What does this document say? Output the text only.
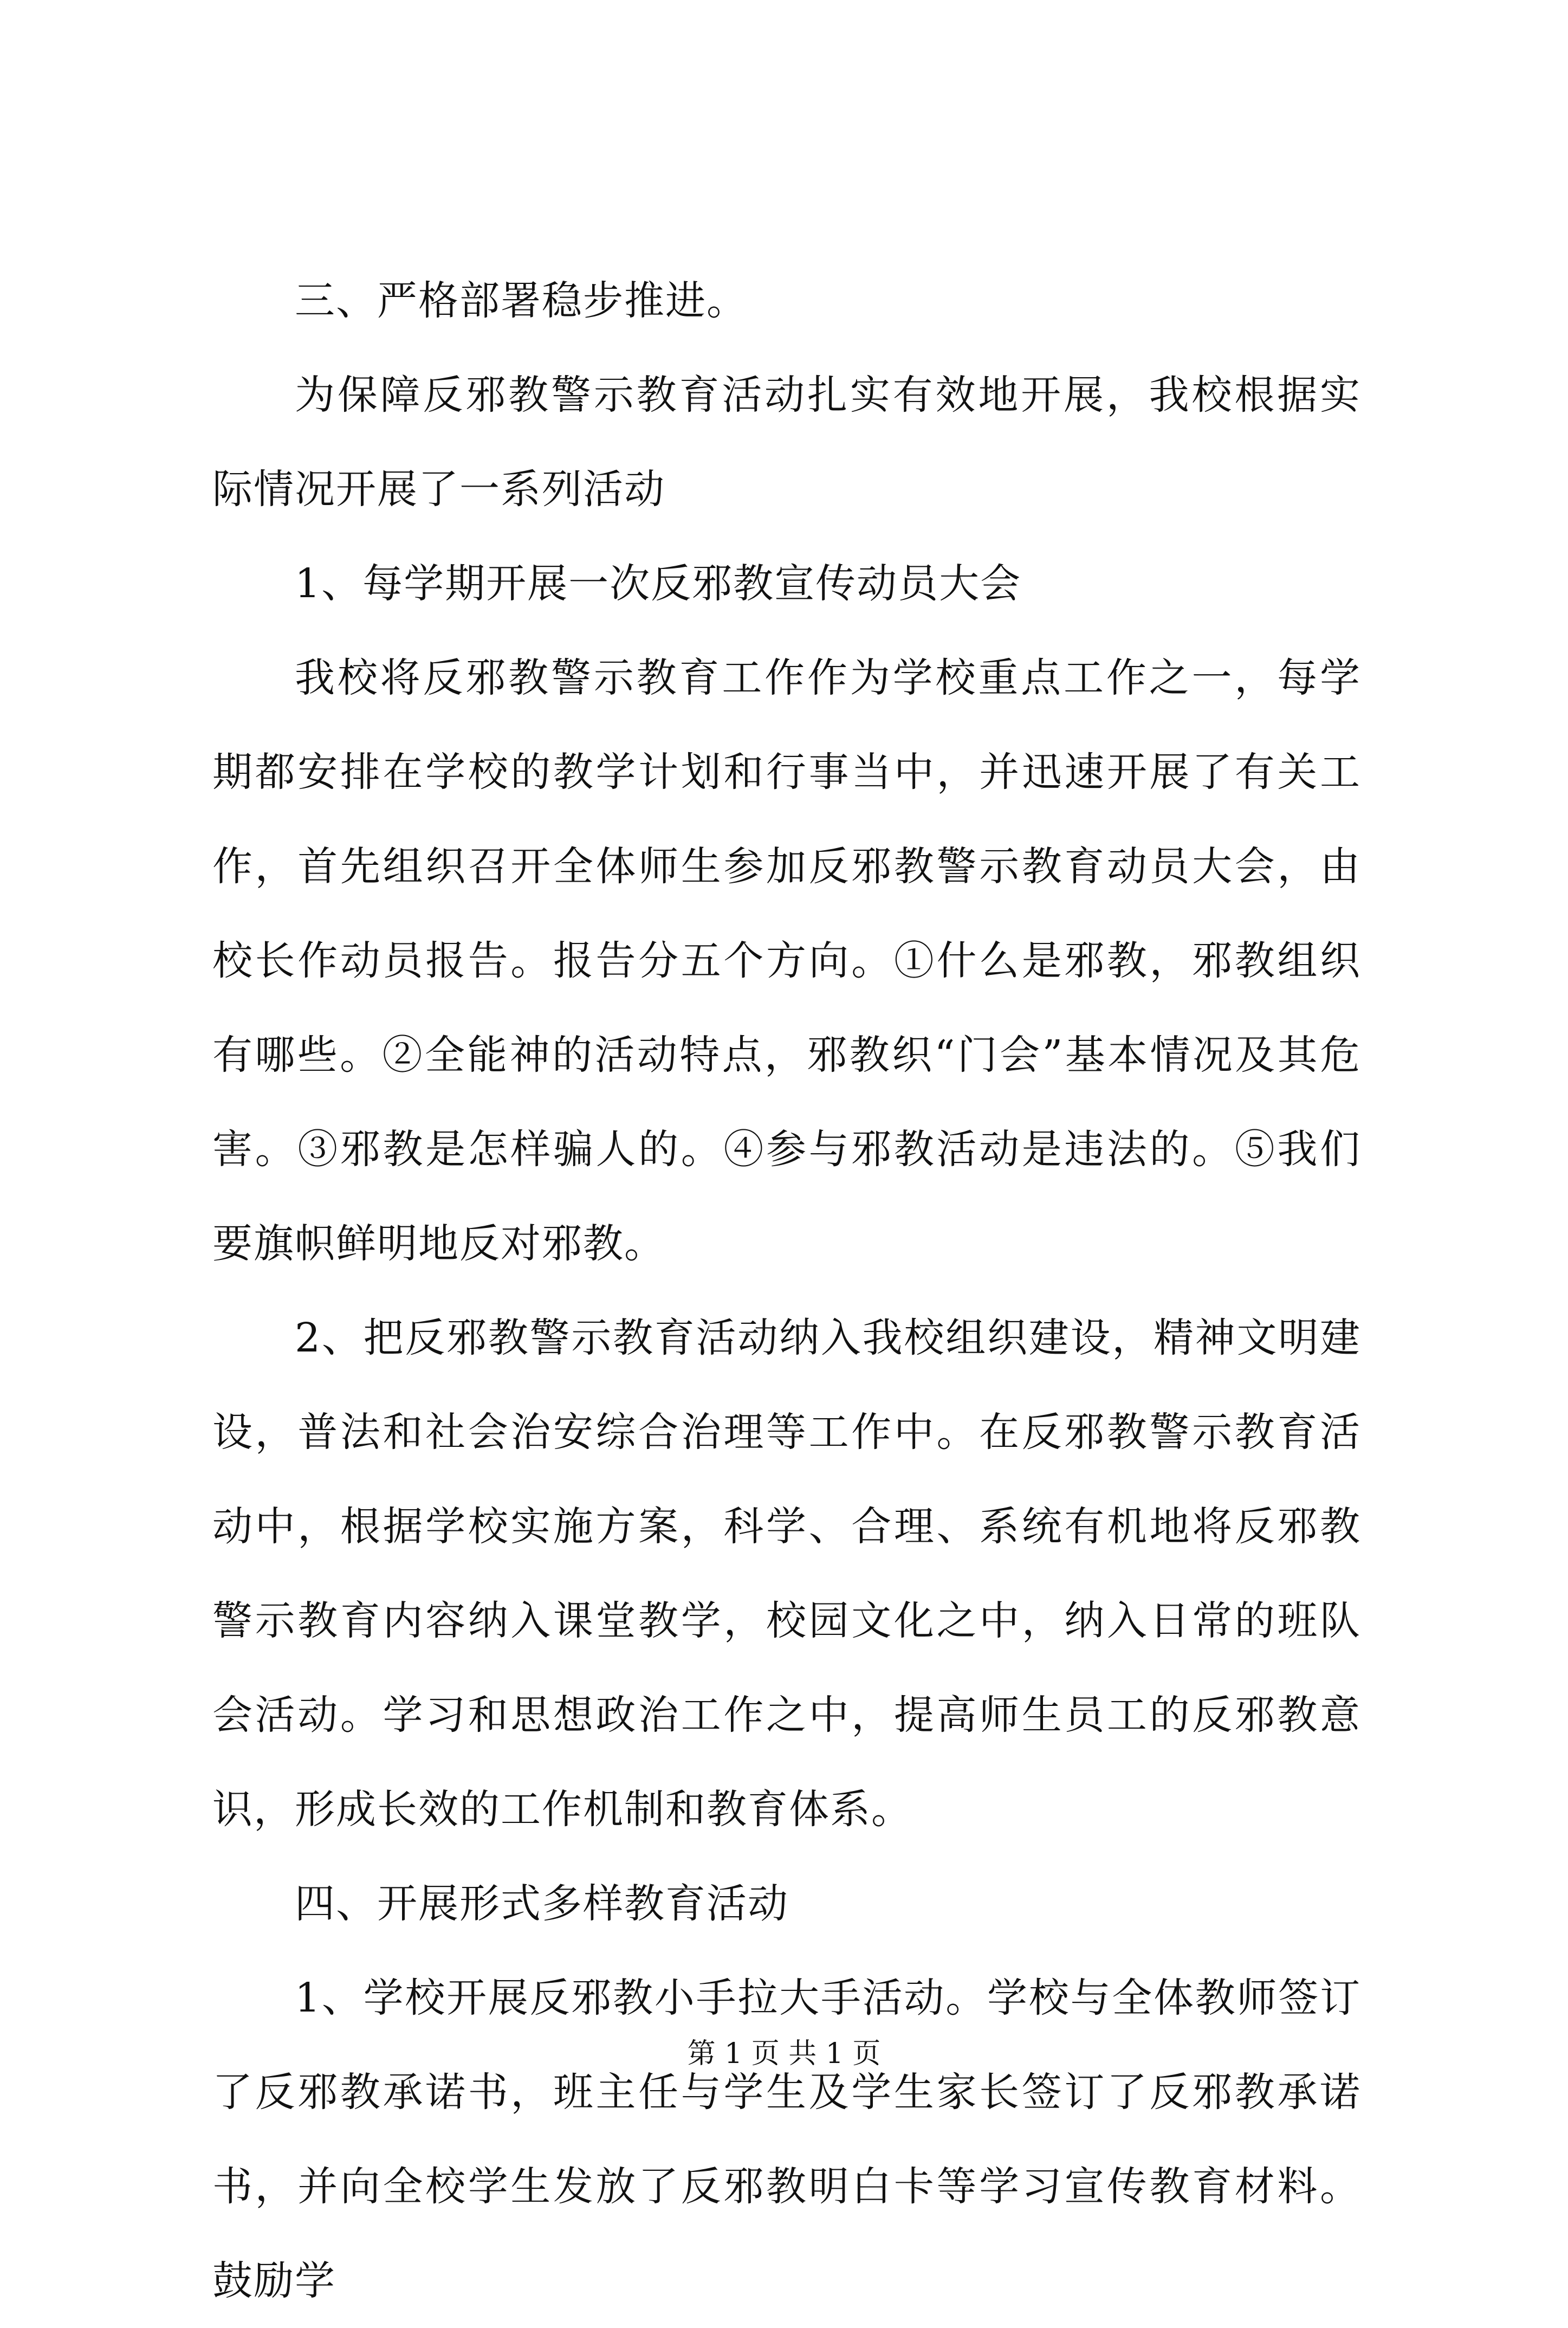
三、严格部署稳步推进。

为保障反邪教警示教育活动扎实有效地开展，我校根据实际情况开展了一系列活动

1、每学期开展一次反邪教宣传动员大会

我校将反邪教警示教育工作作为学校重点工作之一，每学期都安排在学校的教学计划和行事当中，并迅速开展了有关工作，首先组织召开全体师生参加反邪教警示教育动员大会，由校长作动员报告。报告分五个方向。①什么是邪教，邪教组织有哪些。②全能神的活动特点，邪教织“门会”基本情况及其危害。③邪教是怎样骗人的。④参与邪教活动是违法的。⑤我们要旗帜鲜明地反对邪教。

2、把反邪教警示教育活动纳入我校组织建设，精神文明建设，普法和社会治安综合治理等工作中。在反邪教警示教育活动中，根据学校实施方案，科学、合理、系统有机地将反邪教警示教育内容纳入课堂教学，校园文化之中，纳入日常的班队会活动。学习和思想政治工作之中，提高师生员工的反邪教意识，形成长效的工作机制和教育体系。

四、开展形式多样教育活动

1、学校开展反邪教小手拉大手活动。学校与全体教师签订了反邪教承诺书，班主任与学生及学生家长签订了反邪教承诺书，并向全校学生发放了反邪教明白卡等学习宣传教育材料。鼓励学

第 1 页 共 1 页
